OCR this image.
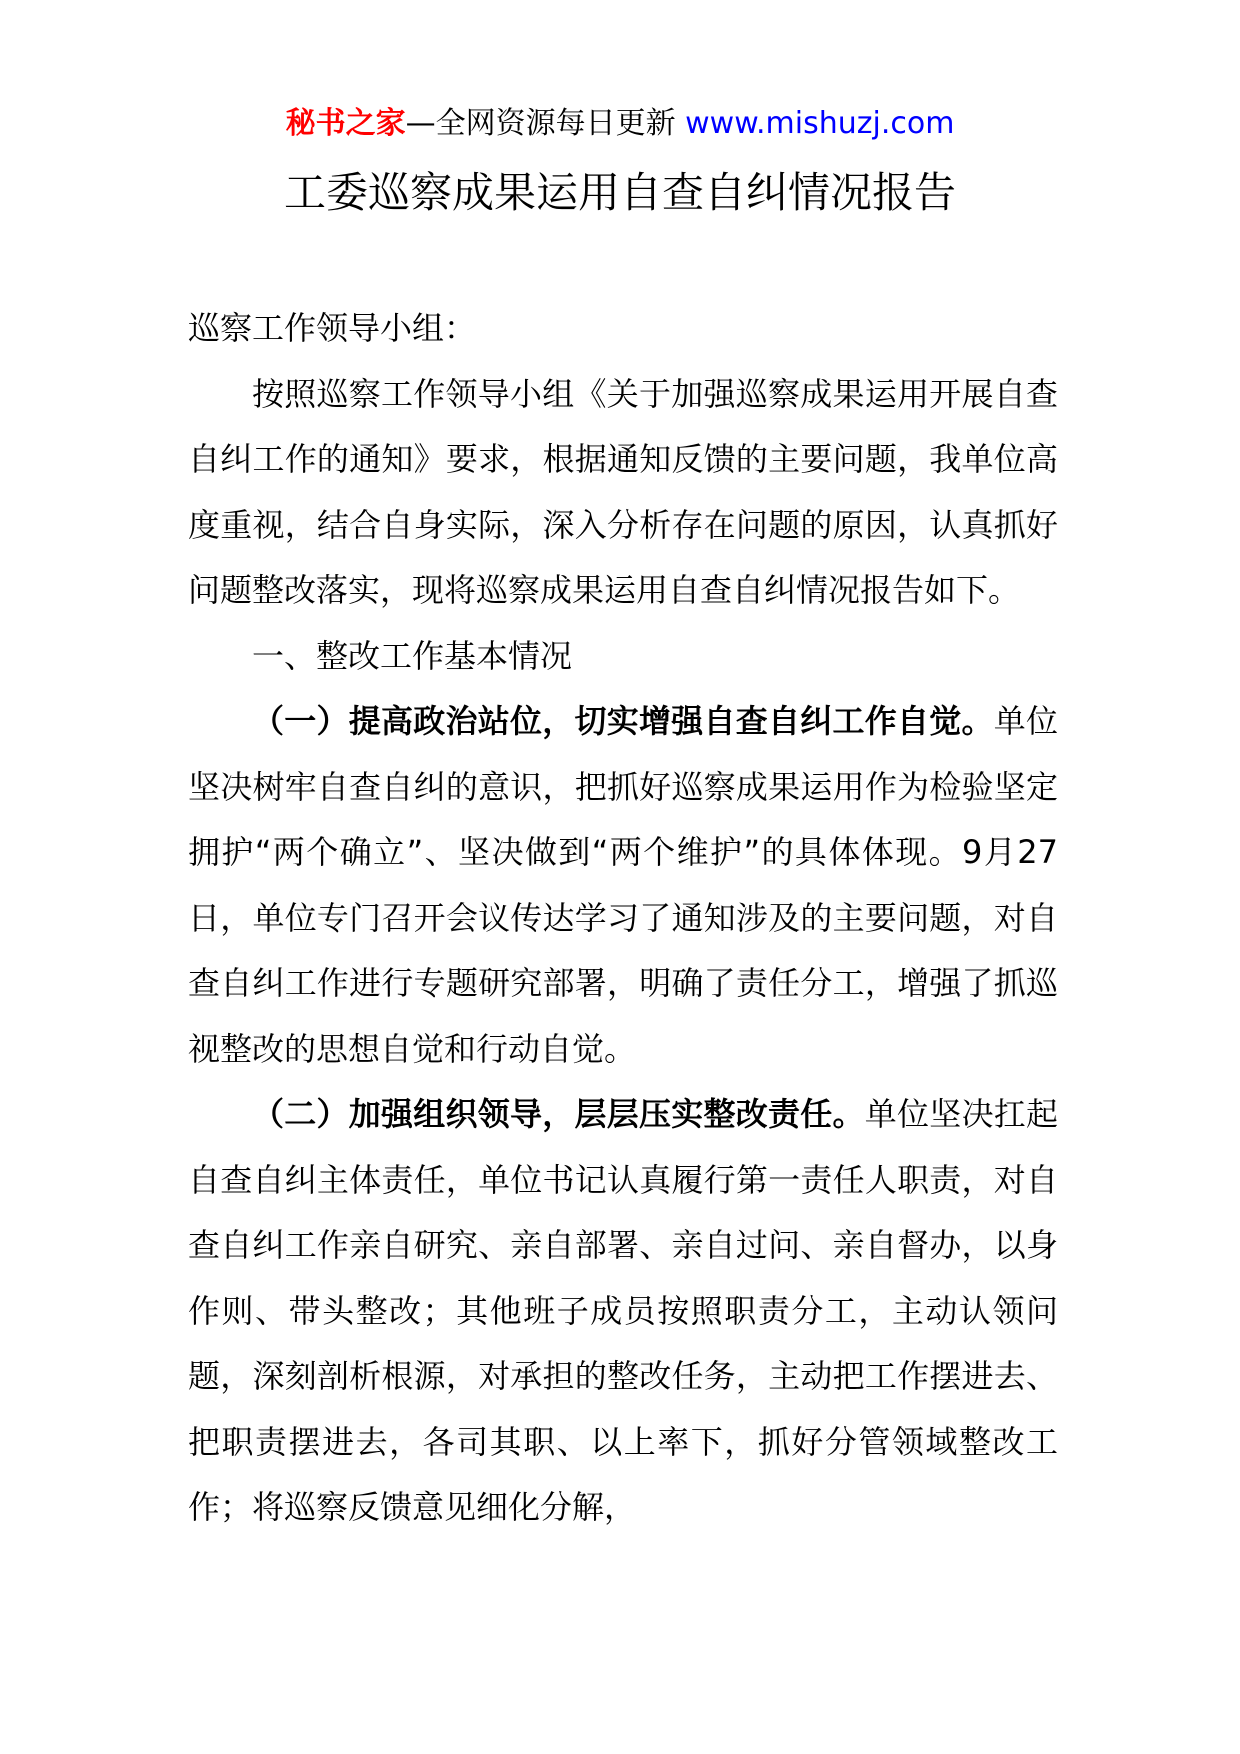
秘书之家—全网资源每日更新 www.mishuzj.com
工委巡察成果运用自查自纠情况报告

巡察工作领导小组：

按照巡察工作领导小组《关于加强巡察成果运用开展自查自纠工作的通知》要求，根据通知反馈的主要问题，我单位高度重视，结合自身实际，深入分析存在问题的原因，认真抓好问题整改落实，现将巡察成果运用自查自纠情况报告如下。

一、整改工作基本情况

（一）提高政治站位，切实增强自查自纠工作自觉。单位坚决树牢自查自纠的意识，把抓好巡察成果运用作为检验坚定拥护“两个确立”、坚决做到“两个维护”的具体体现。9月27日，单位专门召开会议传达学习了通知涉及的主要问题，对自查自纠工作进行专题研究部署，明确了责任分工，增强了抓巡视整改的思想自觉和行动自觉。

（二）加强组织领导，层层压实整改责任。单位坚决扛起自查自纠主体责任，单位书记认真履行第一责任人职责，对自查自纠工作亲自研究、亲自部署、亲自过问、亲自督办，以身作则、带头整改；其他班子成员按照职责分工，主动认领问题，深刻剖析根源，对承担的整改任务，主动把工作摆进去、把职责摆进去，各司其职、以上率下，抓好分管领域整改工作；将巡察反馈意见细化分解，
